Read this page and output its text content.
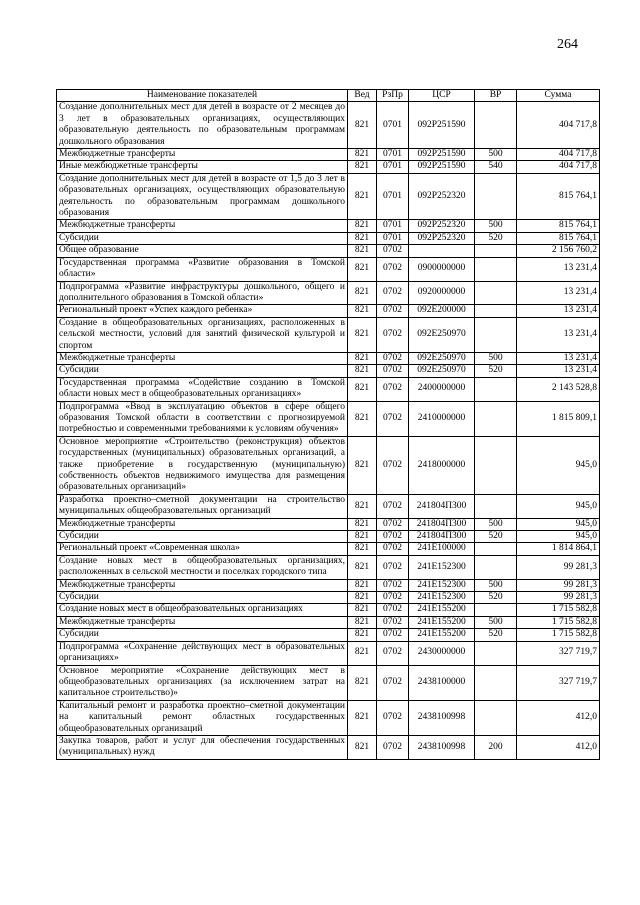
264
Наименование показателей	Вед	РзПр	ЦСР	ВР	Сумма
Создание дополнительных мест для детей в возрасте от 2 месяцев до 3 лет в образовательных организациях, осуществляющих образовательную деятельность по образовательным программам дошкольного образования	821	0701	092P251590		404 717,8
Межбюджетные трансферты	821	0701	092P251590	500	404 717,8
Иные межбюджетные трансферты	821	0701	092P251590	540	404 717,8
Создание дополнительных мест для детей в возрасте от 1,5 до 3 лет в образовательных организациях, осуществляющих образовательную деятельность по образовательным программам дошкольного образования	821	0701	092P252320		815 764,1
Межбюджетные трансферты	821	0701	092P252320	500	815 764,1
Субсидии	821	0701	092P252320	520	815 764,1
Общее образование	821	0702			2 156 760,2
Государственная программа «Развитие образования в Томской области»	821	0702	0900000000		13 231,4
Подпрограмма «Развитие инфраструктуры дошкольного, общего и дополнительного образования в Томской области»	821	0702	0920000000		13 231,4
Региональный проект «Успех каждого ребенка»	821	0702	092E200000		13 231,4
Создание в общеобразовательных организациях, расположенных в сельской местности, условий для занятий физической культурой и спортом	821	0702	092E250970		13 231,4
Межбюджетные трансферты	821	0702	092E250970	500	13 231,4
Субсидии	821	0702	092E250970	520	13 231,4
Государственная программа «Содействие созданию в Томской области новых мест в общеобразовательных организациях»	821	0702	2400000000		2 143 528,8
Подпрограмма «Ввод в эксплуатацию объектов в сфере общего образования Томской области в соответствии с прогнозируемой потребностью и современными требованиями к условиям обучения»	821	0702	2410000000		1 815 809,1
Основное мероприятие «Строительство (реконструкция) объектов государственных (муниципальных) образовательных организаций, а также приобретение в государственную (муниципальную) собственность объектов недвижимого имущества для размещения образовательных организаций»	821	0702	2418000000		945,0
Разработка проектно–сметной документации на строительство муниципальных общеобразовательных организаций	821	0702	241804П300		945,0
Межбюджетные трансферты	821	0702	241804П300	500	945,0
Субсидии	821	0702	241804П300	520	945,0
Региональный проект «Современная школа»	821	0702	241E100000		1 814 864,1
Создание новых мест в общеобразовательных организациях, расположенных в сельской местности и поселках городского типа	821	0702	241E152300		99 281,3
Межбюджетные трансферты	821	0702	241E152300	500	99 281,3
Субсидии	821	0702	241E152300	520	99 281,3
Создание новых мест в общеобразовательных организациях	821	0702	241E155200		1 715 582,8
Межбюджетные трансферты	821	0702	241E155200	500	1 715 582,8
Субсидии	821	0702	241E155200	520	1 715 582,8
Подпрограмма «Сохранение действующих мест в образовательных организациях»	821	0702	2430000000		327 719,7
Основное мероприятие «Сохранение действующих мест в общеобразовательных организациях (за исключением затрат на капитальное строительство)»	821	0702	2438100000		327 719,7
Капитальный ремонт и разработка проектно–сметной документации на капитальный ремонт областных государственных общеобразовательных организаций	821	0702	2438100998		412,0
Закупка товаров, работ и услуг для обеспечения государственных (муниципальных) нужд	821	0702	2438100998	200	412,0
